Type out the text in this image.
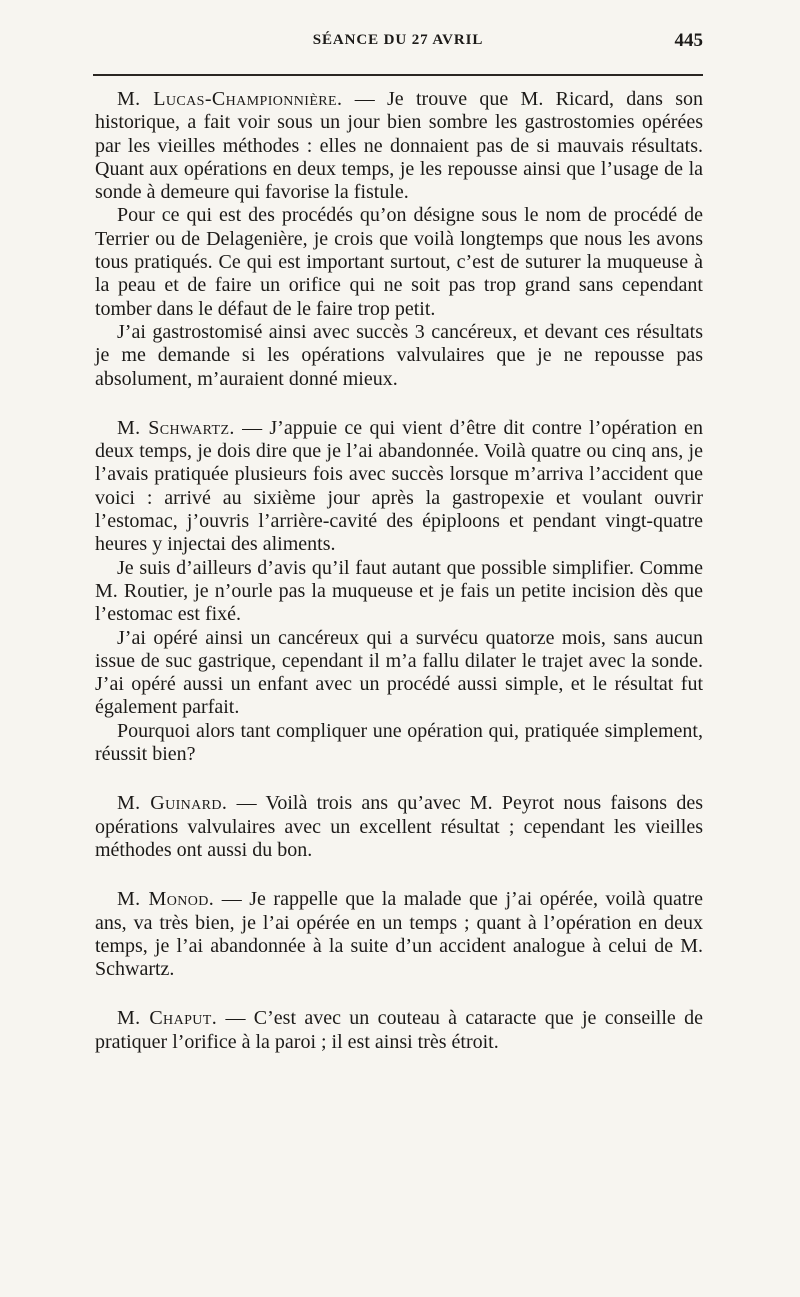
SÉANCE DU 27 AVRIL	445

M. Lucas-Championnière. — Je trouve que M. Ricard, dans son historique, a fait voir sous un jour bien sombre les gastrostomies opérées par les vieilles méthodes : elles ne donnaient pas de si mauvais résultats. Quant aux opérations en deux temps, je les repousse ainsi que l’usage de la sonde à demeure qui favorise la fistule.

Pour ce qui est des procédés qu’on désigne sous le nom de procédé de Terrier ou de Delagenière, je crois que voilà longtemps que nous les avons tous pratiqués. Ce qui est important surtout, c’est de suturer la muqueuse à la peau et de faire un orifice qui ne soit pas trop grand sans cependant tomber dans le défaut de le faire trop petit.

J’ai gastrostomisé ainsi avec succès 3 cancéreux, et devant ces résultats je me demande si les opérations valvulaires que je ne repousse pas absolument, m’auraient donné mieux.

M. Schwartz. — J’appuie ce qui vient d’être dit contre l’opération en deux temps, je dois dire que je l’ai abandonnée. Voilà quatre ou cinq ans, je l’avais pratiquée plusieurs fois avec succès lorsque m’arriva l’accident que voici : arrivé au sixième jour après la gastropexie et voulant ouvrir l’estomac, j’ouvris l’arrière-cavité des épiploons et pendant vingt-quatre heures y injectai des aliments.

Je suis d’ailleurs d’avis qu’il faut autant que possible simplifier. Comme M. Routier, je n’ourle pas la muqueuse et je fais un petite incision dès que l’estomac est fixé.

J’ai opéré ainsi un cancéreux qui a survécu quatorze mois, sans aucun issue de suc gastrique, cependant il m’a fallu dilater le trajet avec la sonde. J’ai opéré aussi un enfant avec un procédé aussi simple, et le résultat fut également parfait.

Pourquoi alors tant compliquer une opération qui, pratiquée simplement, réussit bien?

M. Guinard. — Voilà trois ans qu’avec M. Peyrot nous faisons des opérations valvulaires avec un excellent résultat ; cependant les vieilles méthodes ont aussi du bon.

M. Monod. — Je rappelle que la malade que j’ai opérée, voilà quatre ans, va très bien, je l’ai opérée en un temps ; quant à l’opération en deux temps, je l’ai abandonnée à la suite d’un accident analogue à celui de M. Schwartz.

M. Chaput. — C’est avec un couteau à cataracte que je conseille de pratiquer l’orifice à la paroi ; il est ainsi très étroit.
